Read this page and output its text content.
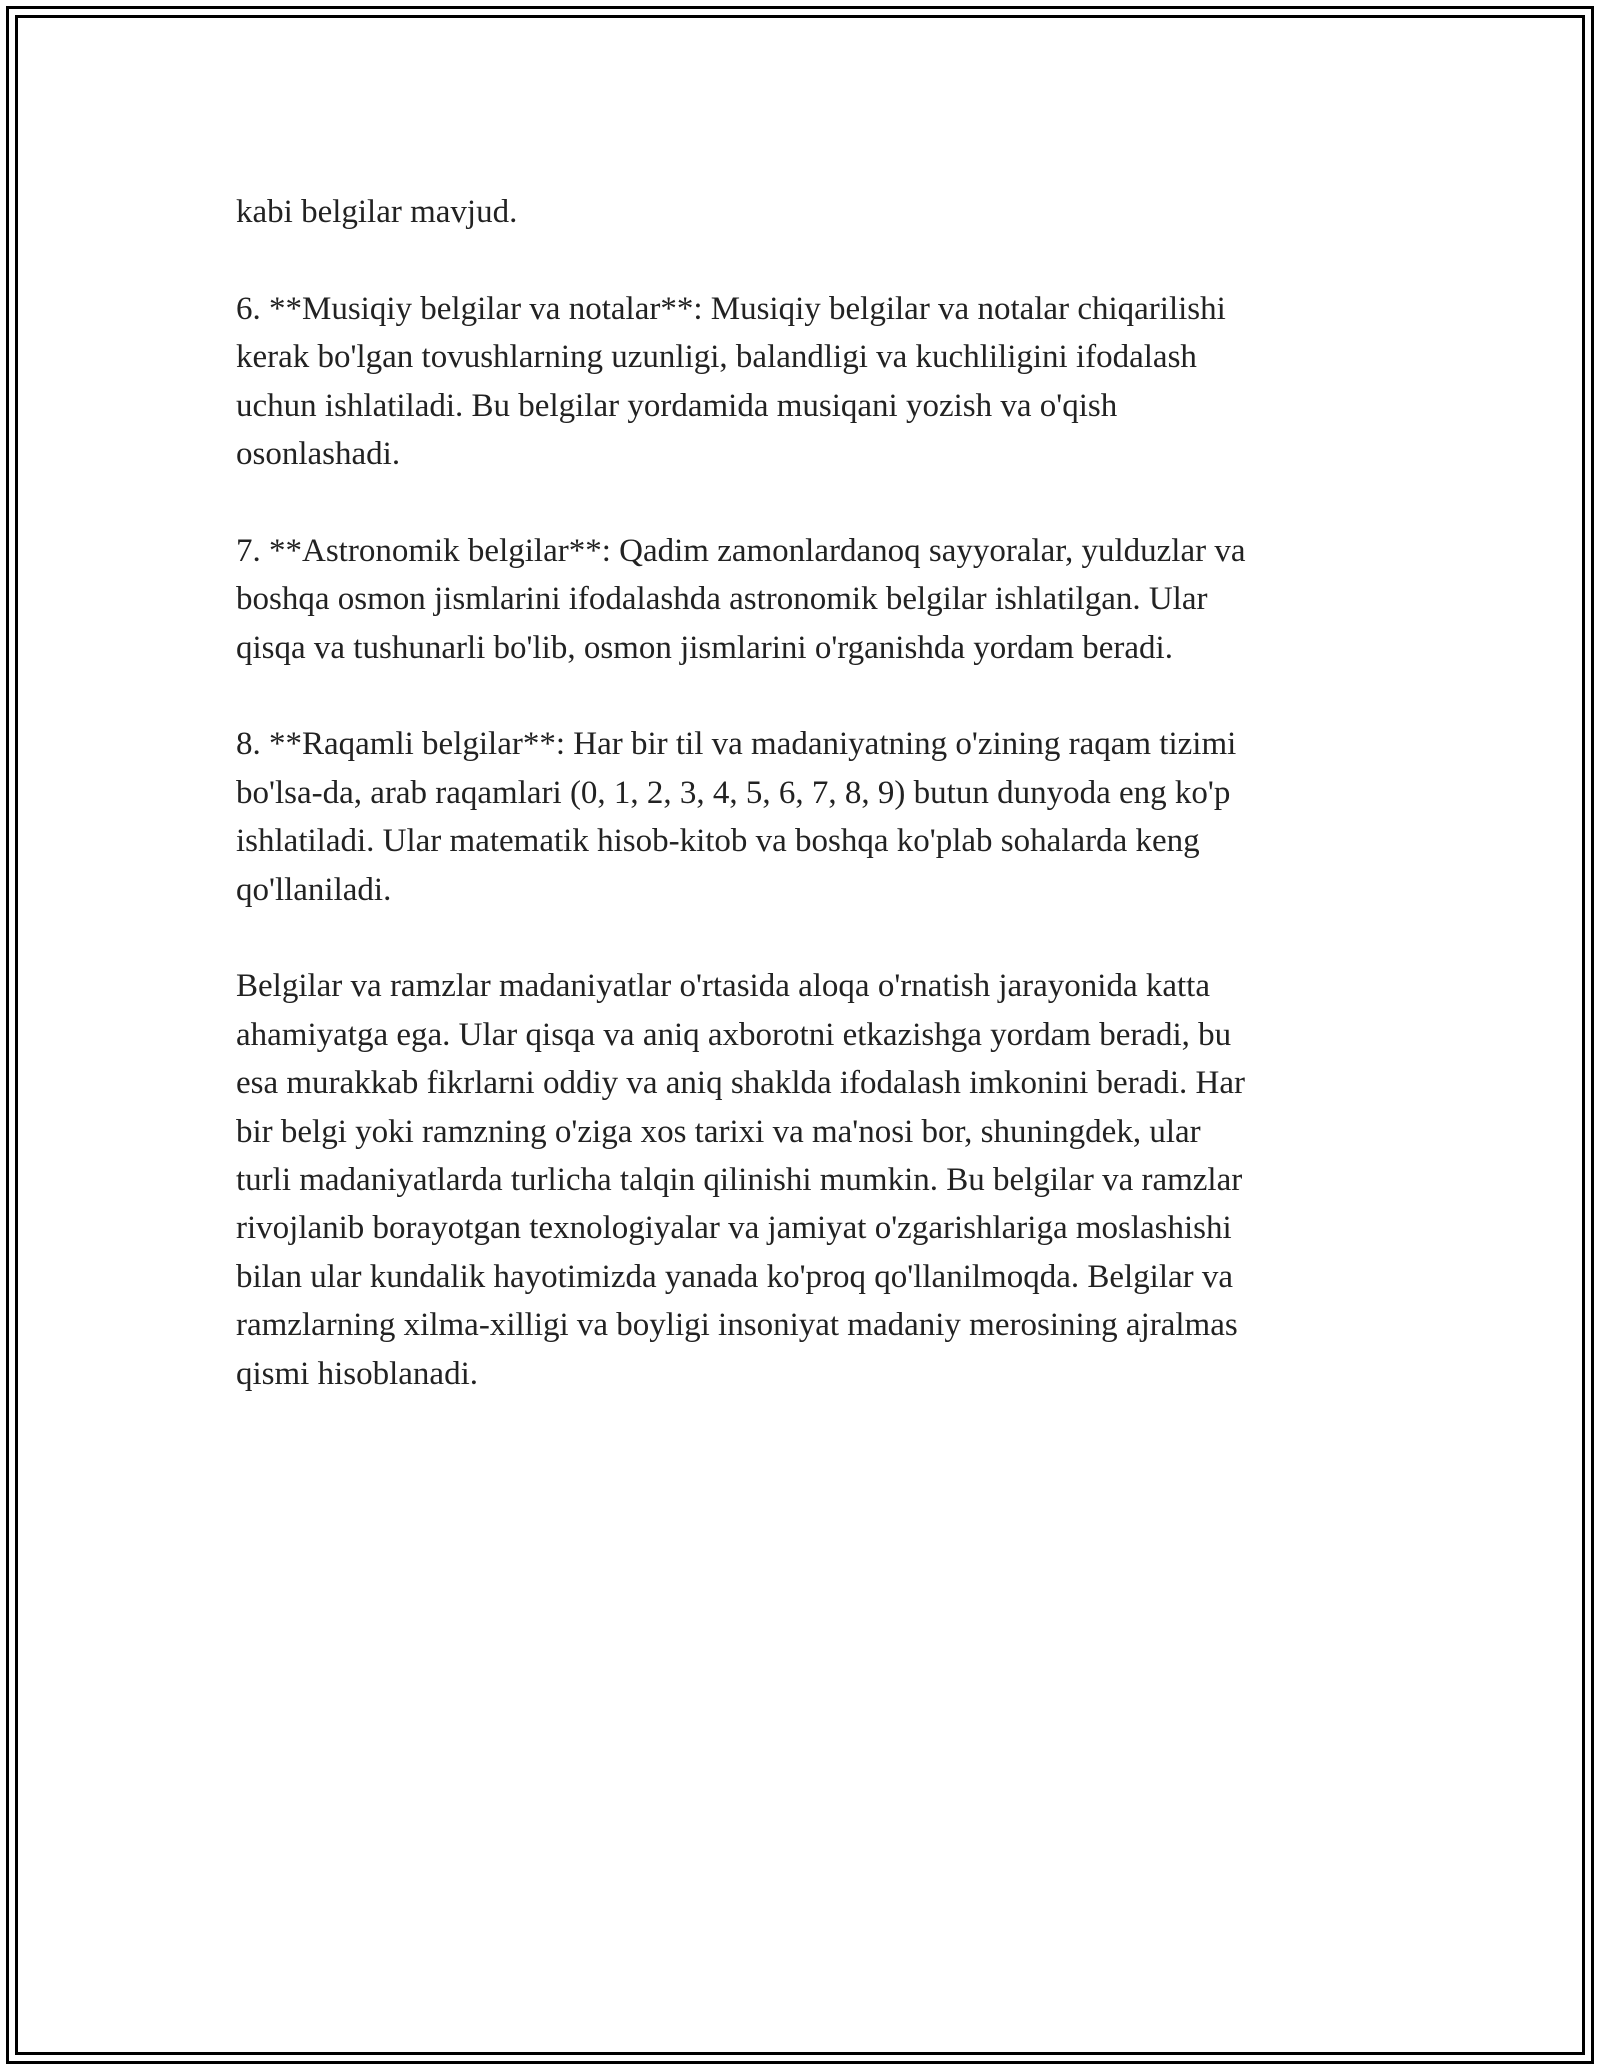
kabi belgilar mavjud.

6. **Musiqiy belgilar va notalar**: Musiqiy belgilar va notalar chiqarilishi
kerak bo'lgan tovushlarning uzunligi, balandligi va kuchliligini ifodalash
uchun ishlatiladi. Bu belgilar yordamida musiqani yozish va o'qish
osonlashadi.

7. **Astronomik belgilar**: Qadim zamonlardanoq sayyoralar, yulduzlar va
boshqa osmon jismlarini ifodalashda astronomik belgilar ishlatilgan. Ular
qisqa va tushunarli bo'lib, osmon jismlarini o'rganishda yordam beradi.

8. **Raqamli belgilar**: Har bir til va madaniyatning o'zining raqam tizimi
bo'lsa-da, arab raqamlari (0, 1, 2, 3, 4, 5, 6, 7, 8, 9) butun dunyoda eng ko'p
ishlatiladi. Ular matematik hisob-kitob va boshqa ko'plab sohalarda keng
qo'llaniladi.

Belgilar va ramzlar madaniyatlar o'rtasida aloqa o'rnatish jarayonida katta
ahamiyatga ega. Ular qisqa va aniq axborotni etkazishga yordam beradi, bu
esa murakkab fikrlarni oddiy va aniq shakldа ifodalash imkonini beradi. Har
bir belgi yoki ramzning o'ziga xos tarixi va ma'nosi bor, shuningdek, ular
turli madaniyatlarda turlicha talqin qilinishi mumkin. Bu belgilar va ramzlar
rivojlanib borayotgan texnologiyalar va jamiyat o'zgarishlariga moslashishi
bilan ular kundalik hayotimizda yanada ko'proq qo'llanilmoqda. Belgilar va
ramzlarning xilma-xilligi va boyligi insoniyat madaniy merosining ajralmas
qismi hisoblanadi.
